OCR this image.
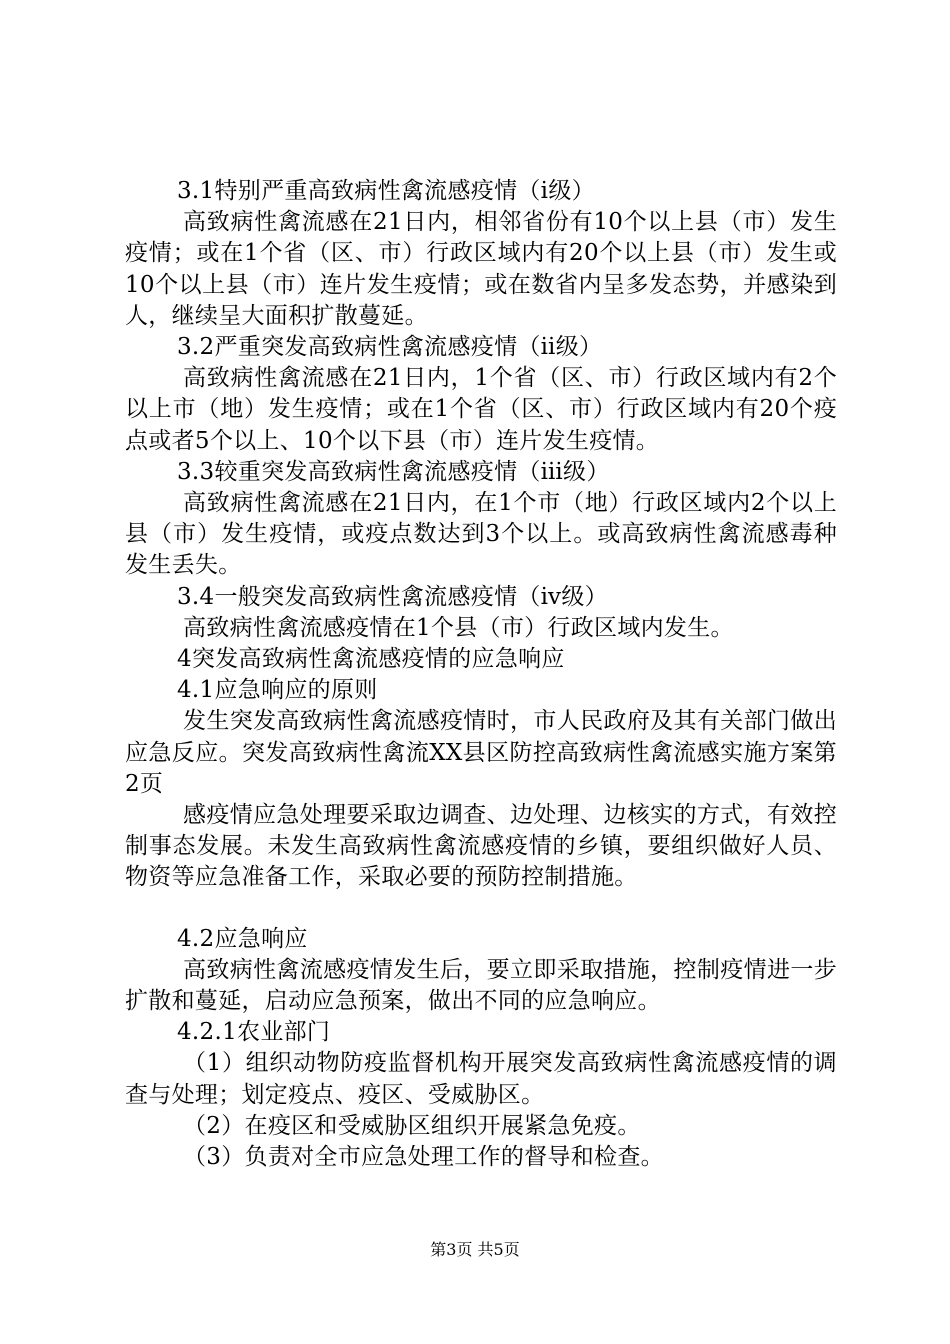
3.1特别严重高致病性禽流感疫情（ⅰ级）

高致病性禽流感在21日内，相邻省份有10个以上县（市）发生疫情；或在1个省（区、市）行政区域内有20个以上县（市）发生或10个以上县（市）连片发生疫情；或在数省内呈多发态势，并感染到人，继续呈大面积扩散蔓延。

3.2严重突发高致病性禽流感疫情（ⅱ级）

高致病性禽流感在21日内，1个省（区、市）行政区域内有2个以上市（地）发生疫情；或在1个省（区、市）行政区域内有20个疫点或者5个以上、10个以下县（市）连片发生疫情。

3.3较重突发高致病性禽流感疫情（ⅲ级）

高致病性禽流感在21日内，在1个市（地）行政区域内2个以上县（市）发生疫情，或疫点数达到3个以上。或高致病性禽流感毒种发生丢失。

3.4一般突发高致病性禽流感疫情（ⅳ级）

高致病性禽流感疫情在1个县（市）行政区域内发生。

4突发高致病性禽流感疫情的应急响应

4.1应急响应的原则

发生突发高致病性禽流感疫情时，市人民政府及其有关部门做出应急反应。突发高致病性禽流XX县区防控高致病性禽流感实施方案第2页

感疫情应急处理要采取边调查、边处理、边核实的方式，有效控制事态发展。未发生高致病性禽流感疫情的乡镇，要组织做好人员、物资等应急准备工作，采取必要的预防控制措施。

4.2应急响应

高致病性禽流感疫情发生后，要立即采取措施，控制疫情进一步扩散和蔓延，启动应急预案，做出不同的应急响应。

4.2.1农业部门

（1）组织动物防疫监督机构开展突发高致病性禽流感疫情的调查与处理；划定疫点、疫区、受威胁区。

（2）在疫区和受威胁区组织开展紧急免疫。

（3）负责对全市应急处理工作的督导和检查。

第3页 共5页
